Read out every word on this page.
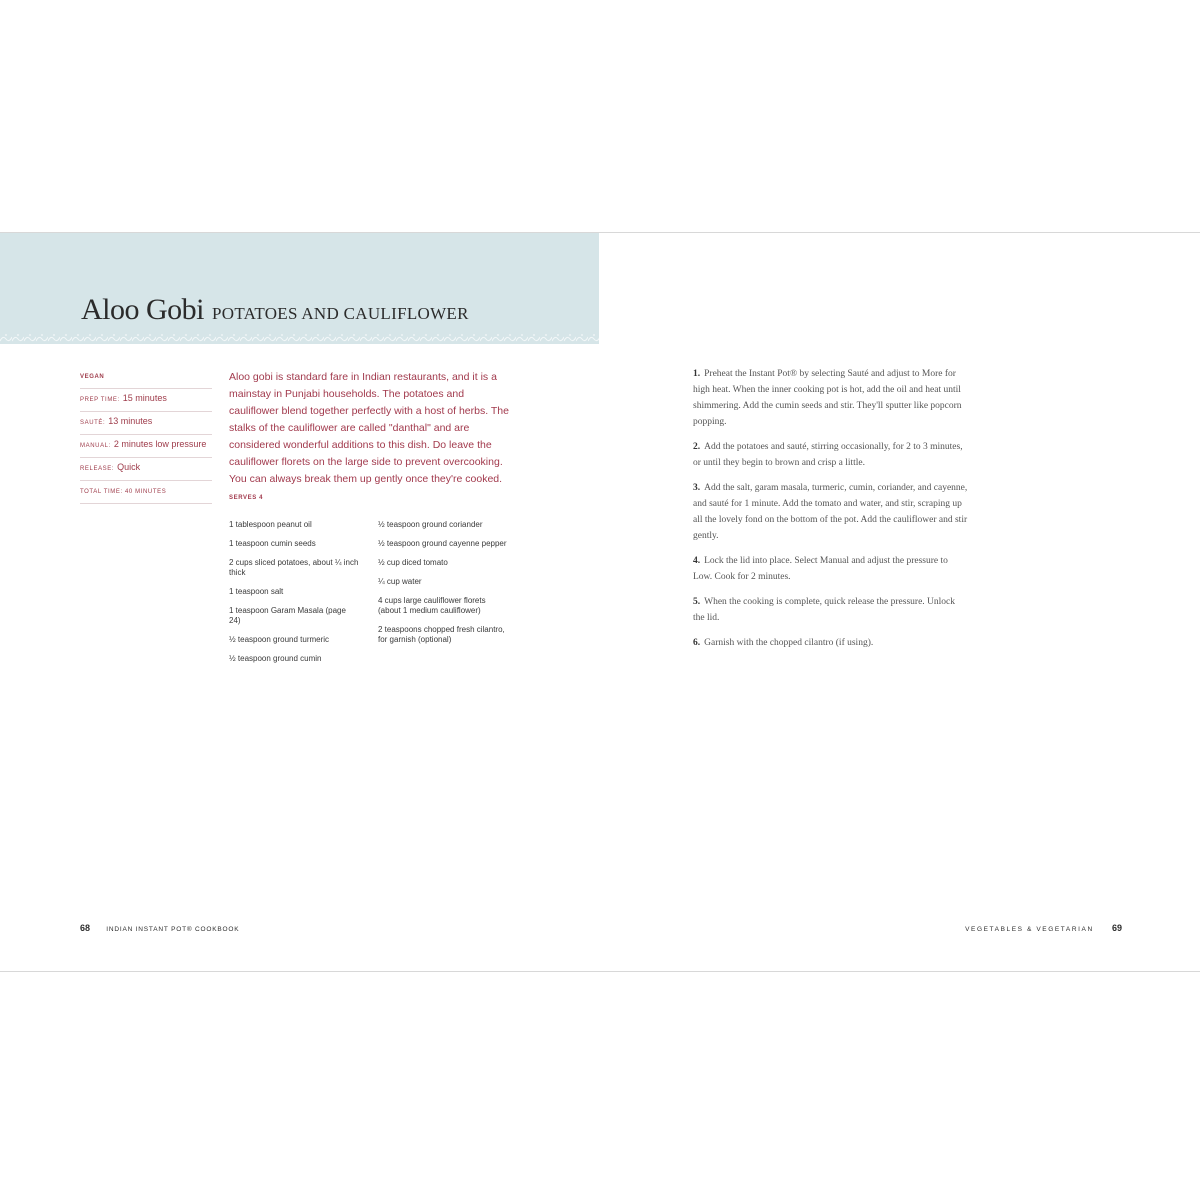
Aloo Gobi POTATOES AND CAULIFLOWER
VEGAN
PREP TIME: 15 minutes
SAUTÉ: 13 minutes
MANUAL: 2 minutes low pressure
RELEASE: Quick
TOTAL TIME: 40 MINUTES

Aloo gobi is standard fare in Indian restaurants, and it is a mainstay in Punjabi households. The potatoes and cauliflower blend together perfectly with a host of herbs. The stalks of the cauliflower are called "danthal" and are considered wonderful additions to this dish. Do leave the cauliflower florets on the large side to prevent overcooking. You can always break them up gently once they're cooked. SERVES 4

1 tablespoon peanut oil
1 teaspoon cumin seeds
2 cups sliced potatoes, about ¼ inch thick
1 teaspoon salt
1 teaspoon Garam Masala (page 24)
½ teaspoon ground turmeric
½ teaspoon ground cumin
½ teaspoon ground coriander
½ teaspoon ground cayenne pepper
½ cup diced tomato
¼ cup water
4 cups large cauliflower florets (about 1 medium cauliflower)
2 teaspoons chopped fresh cilantro, for garnish (optional)
1. Preheat the Instant Pot® by selecting Sauté and adjust to More for high heat. When the inner cooking pot is hot, add the oil and heat until shimmering. Add the cumin seeds and stir. They'll sputter like popcorn popping.
2. Add the potatoes and sauté, stirring occasionally, for 2 to 3 minutes, or until they begin to brown and crisp a little.
3. Add the salt, garam masala, turmeric, cumin, coriander, and cayenne, and sauté for 1 minute. Add the tomato and water, and stir, scraping up all the lovely fond on the bottom of the pot. Add the cauliflower and stir gently.
4. Lock the lid into place. Select Manual and adjust the pressure to Low. Cook for 2 minutes.
5. When the cooking is complete, quick release the pressure. Unlock the lid.
6. Garnish with the chopped cilantro (if using).
68 INDIAN INSTANT POT® COOKBOOK	VEGETABLES & VEGETARIAN 69
